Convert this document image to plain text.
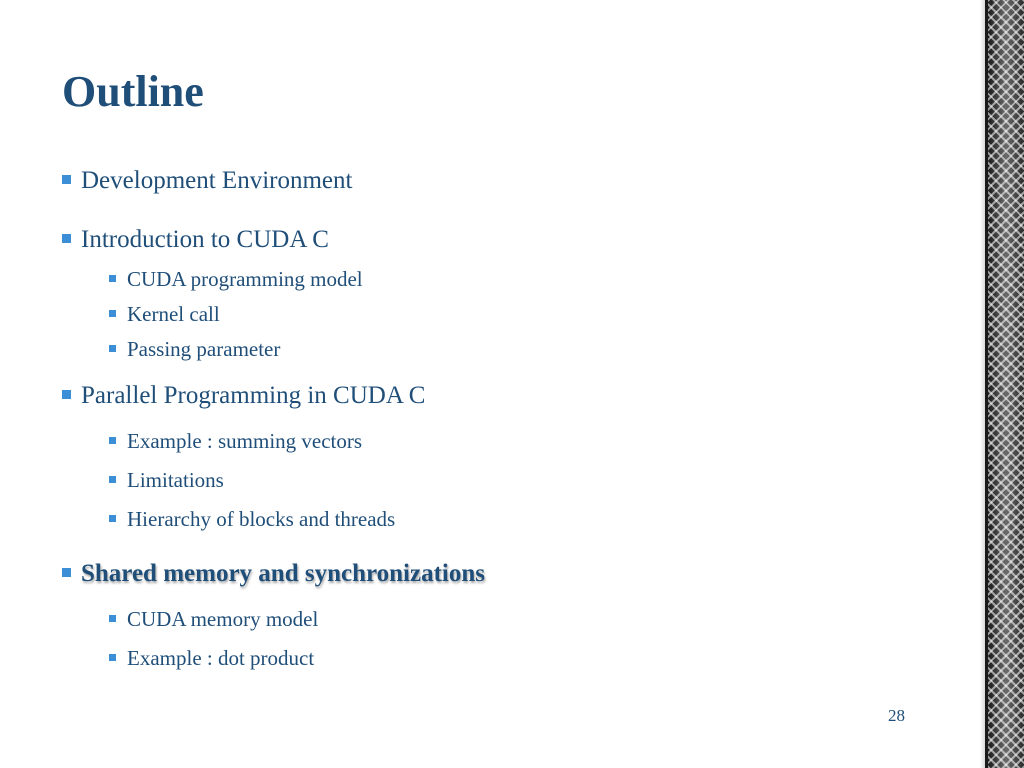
Outline
Development Environment
Introduction to CUDA C
CUDA programming model
Kernel call
Passing parameter
Parallel Programming in CUDA C
Example : summing vectors
Limitations
Hierarchy of blocks and threads
Shared memory and synchronizations
CUDA memory model
Example : dot product
28
